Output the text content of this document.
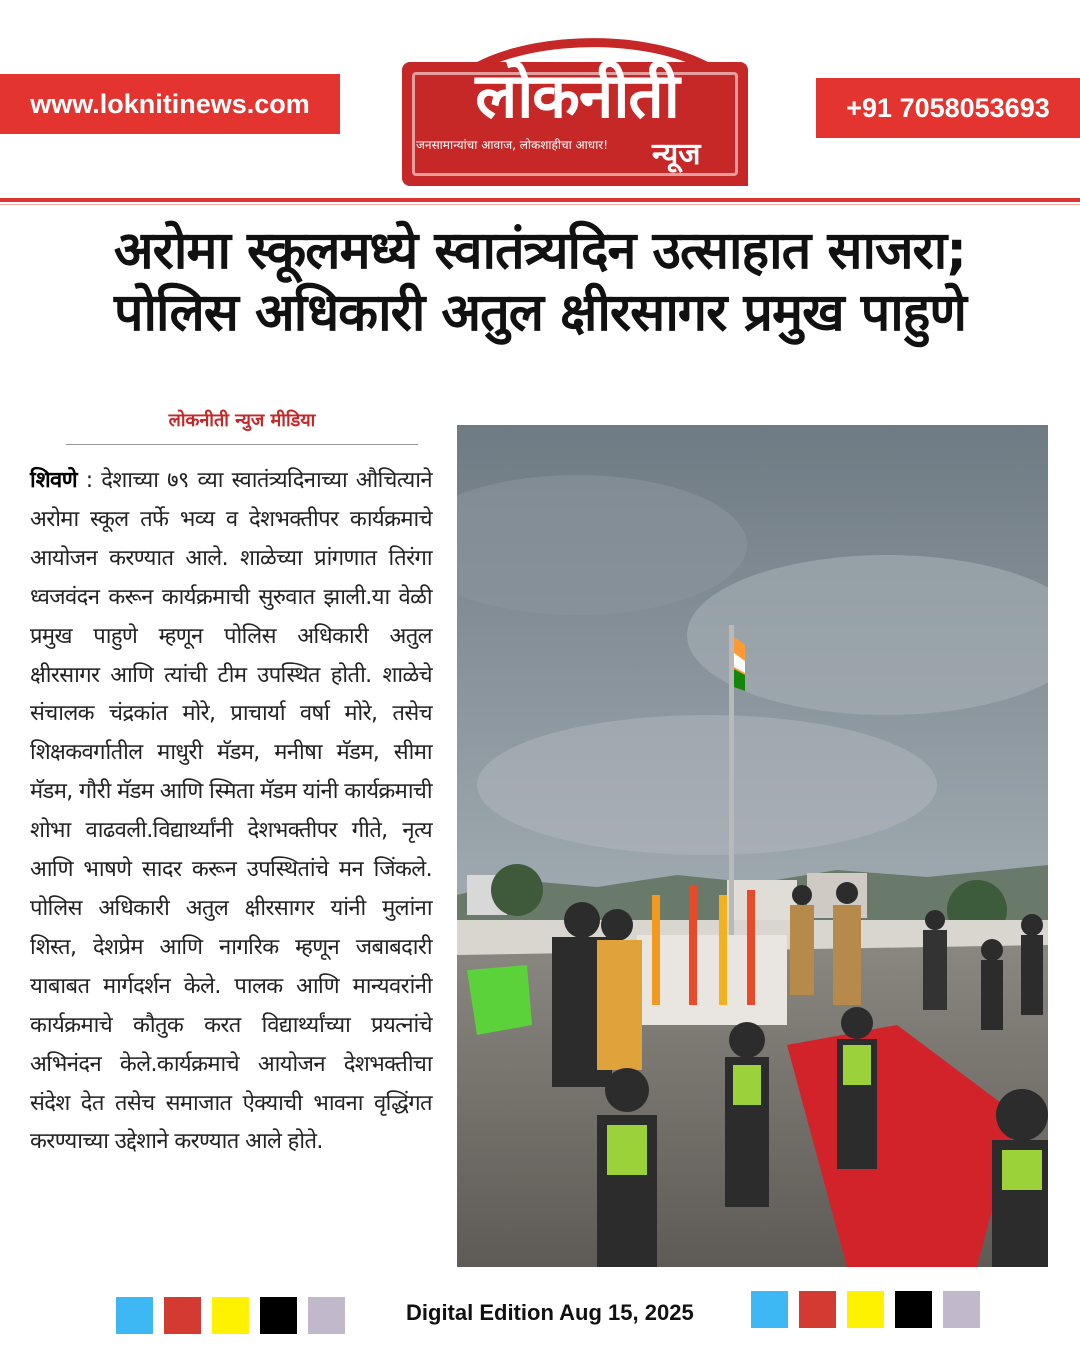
www.loknitinews.com	+91 7058053693
लोकनीती
जनसामान्यांचा आवाज, लोकशाहीचा आधार! न्यूज
अरोमा स्कूलमध्ये स्वातंत्र्यदिन उत्साहात साजरा;
पोलिस अधिकारी अतुल क्षीरसागर प्रमुख पाहुणे
लोकनीती न्युज मीडिया

शिवणे : देशाच्या ७९ व्या स्वातंत्र्यदिनाच्या औचित्याने अरोमा स्कूल तर्फे भव्य व देशभक्तीपर कार्यक्रमाचे आयोजन करण्यात आले. शाळेच्या प्रांगणात तिरंगा ध्वजवंदन करून कार्यक्रमाची सुरुवात झाली.या वेळी प्रमुख पाहुणे म्हणून पोलिस अधिकारी अतुल क्षीरसागर आणि त्यांची टीम उपस्थित होती. शाळेचे संचालक चंद्रकांत मोरे, प्राचार्या वर्षा मोरे, तसेच शिक्षकवर्गातील माधुरी मॅडम, मनीषा मॅडम, सीमा मॅडम, गौरी मॅडम आणि स्मिता मॅडम यांनी कार्यक्रमाची शोभा वाढवली.विद्यार्थ्यांनी देशभक्तीपर गीते, नृत्य आणि भाषणे सादर करून उपस्थितांचे मन जिंकले. पोलिस अधिकारी अतुल क्षीरसागर यांनी मुलांना शिस्त, देशप्रेम आणि नागरिक म्हणून जबाबदारी याबाबत मार्गदर्शन केले. पालक आणि मान्यवरांनी कार्यक्रमाचे कौतुक करत विद्यार्थ्यांच्या प्रयत्नांचे अभिनंदन केले.कार्यक्रमाचे आयोजन देशभक्तीचा संदेश देत तसेच समाजात ऐक्याची भावना वृद्धिंगत करण्याच्या उद्देशाने करण्यात आले होते.

Digital Edition Aug 15, 2025
